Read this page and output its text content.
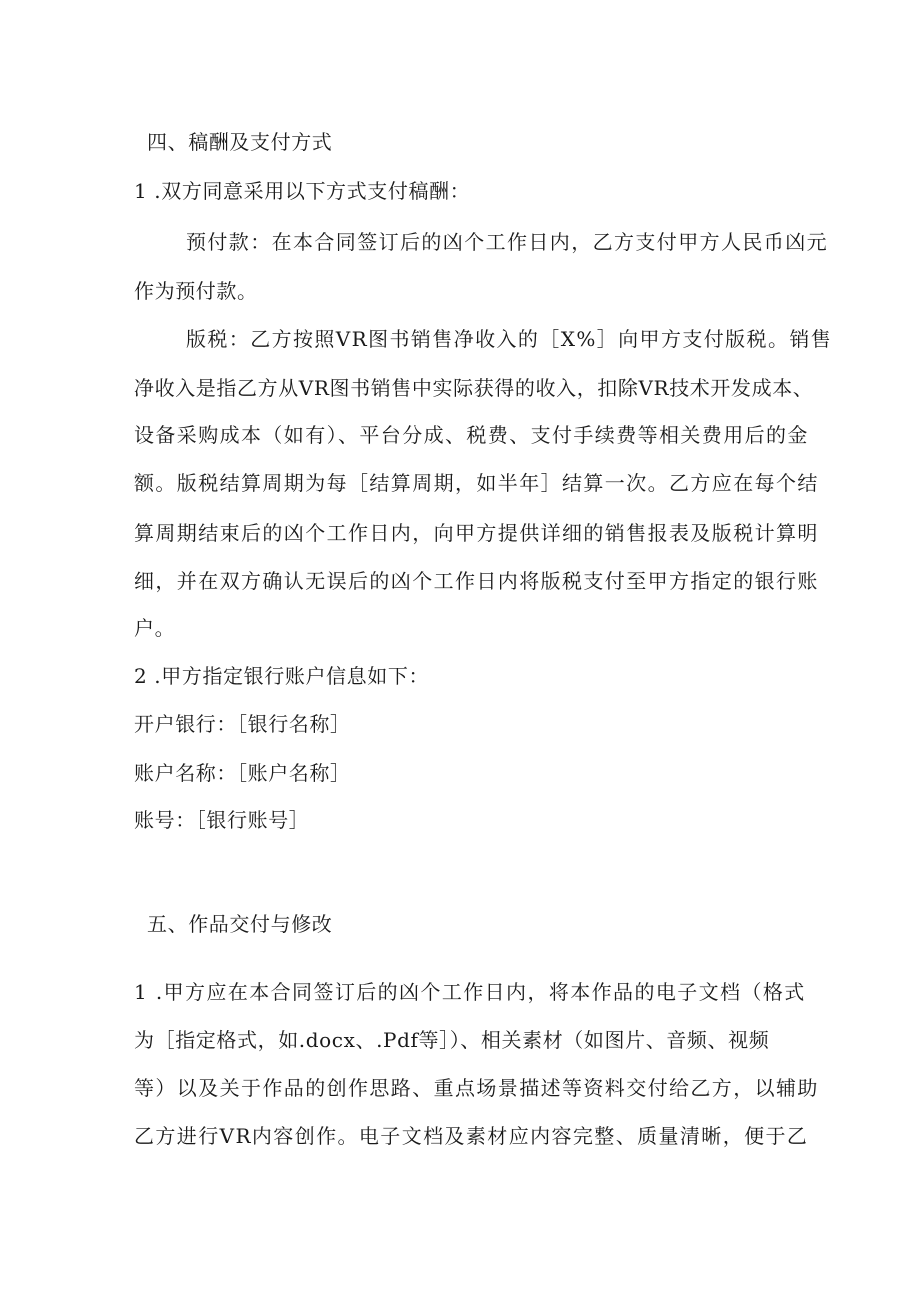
四、稿酬及支付方式
1 .双方同意采用以下方式支付稿酬：
预付款：在本合同签订后的凶个工作日内，乙方支付甲方人民币凶元
作为预付款。
版税：乙方按照VR图书销售净收入的［X%］向甲方支付版税。销售
净收入是指乙方从VR图书销售中实际获得的收入，扣除VR技术开发成本、
设备采购成本（如有）、平台分成、税费、支付手续费等相关费用后的金
额。版税结算周期为每［结算周期，如半年］结算一次。乙方应在每个结
算周期结束后的凶个工作日内，向甲方提供详细的销售报表及版税计算明
细，并在双方确认无误后的凶个工作日内将版税支付至甲方指定的银行账
户。
2 .甲方指定银行账户信息如下：
开户银行：［银行名称］
账户名称：［账户名称］
账号：［银行账号］
五、作品交付与修改
1 .甲方应在本合同签订后的凶个工作日内，将本作品的电子文档（格式
为［指定格式，如.docx、.Pdf等］）、相关素材（如图片、音频、视频
等）以及关于作品的创作思路、重点场景描述等资料交付给乙方，以辅助
乙方进行VR内容创作。电子文档及素材应内容完整、质量清晰，便于乙
